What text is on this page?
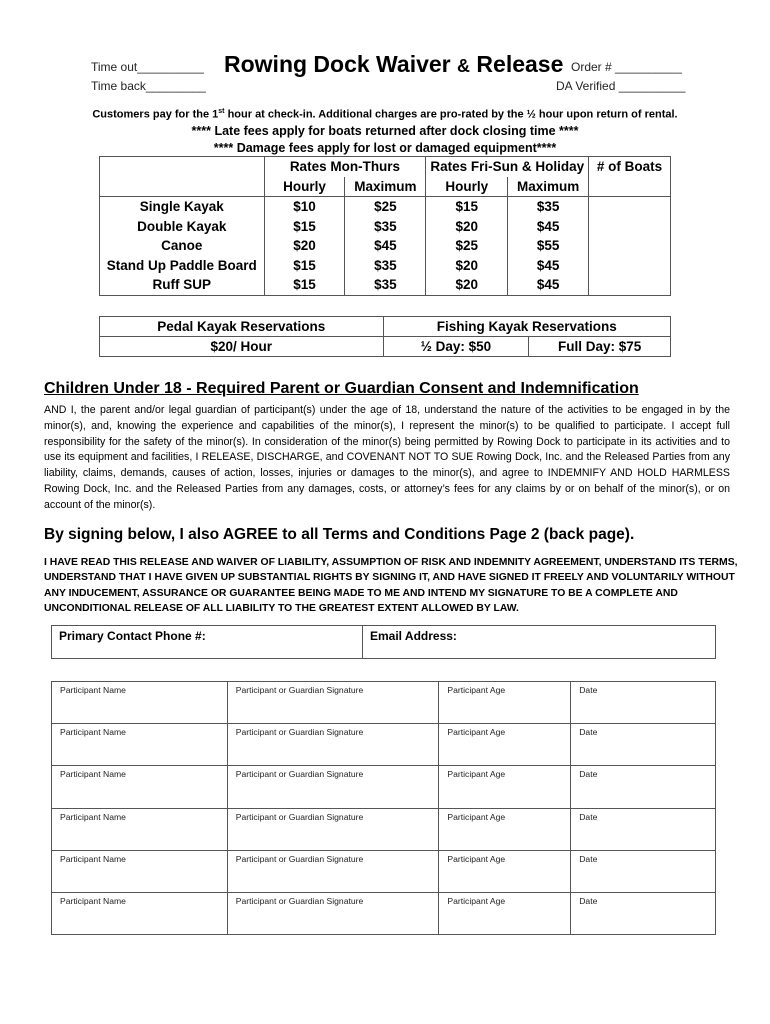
Time out__________
Time back_________
Rowing Dock Waiver & Release Order # __________
DA Verified __________
Customers pay for the 1st hour at check-in. Additional charges are pro-rated by the ½ hour upon return of rental.
**** Late fees apply for boats returned after dock closing time ****
**** Damage fees apply for lost or damaged equipment****
	Rates Mon-Thurs		Rates Fri-Sun & Holiday		# of Boats
	Hourly	Maximum	Hourly	Maximum	
Single Kayak	$10	$25	$15	$35	
Double Kayak	$15	$35	$20	$45	
Canoe	$20	$45	$25	$55	
Stand Up Paddle Board	$15	$35	$20	$45	
Ruff SUP	$15	$35	$20	$45	
Pedal Kayak Reservations	Fishing Kayak Reservations	
$20/ Hour	½ Day: $50	Full Day: $75
Children Under 18 - Required Parent or Guardian Consent and Indemnification
AND I, the parent and/or legal guardian of participant(s) under the age of 18, understand the nature of the activities to be engaged in by the minor(s), and, knowing the experience and capabilities of the minor(s), I represent the minor(s) to be qualified to participate. I accept full responsibility for the safety of the minor(s). In consideration of the minor(s) being permitted by Rowing Dock to participate in its activities and to use its equipment and facilities, I RELEASE, DISCHARGE, and COVENANT NOT TO SUE Rowing Dock, Inc. and the Released Parties from any liability, claims, demands, causes of action, losses, injuries or damages to the minor(s), and agree to INDEMNIFY AND HOLD HARMLESS Rowing Dock, Inc. and the Released Parties from any damages, costs, or attorney’s fees for any claims by or on behalf of the minor(s), or on account of the minor(s).
By signing below, I also AGREE to all Terms and Conditions Page 2 (back page).
I HAVE READ THIS RELEASE AND WAIVER OF LIABILITY, ASSUMPTION OF RISK AND INDEMNITY AGREEMENT, UNDERSTAND ITS TERMS, UNDERSTAND THAT I HAVE GIVEN UP SUBSTANTIAL RIGHTS BY SIGNING IT, AND HAVE SIGNED IT FREELY AND VOLUNTARILY WITHOUT ANY INDUCEMENT, ASSURANCE OR GUARANTEE BEING MADE TO ME AND INTEND MY SIGNATURE TO BE A COMPLETE AND UNCONDITIONAL RELEASE OF ALL LIABILITY TO THE GREATEST EXTENT ALLOWED BY LAW.
Primary Contact Phone #:	Email Address:
Participant Name	Participant or Guardian Signature	Participant Age	Date
Participant Name	Participant or Guardian Signature	Participant Age	Date
Participant Name	Participant or Guardian Signature	Participant Age	Date
Participant Name	Participant or Guardian Signature	Participant Age	Date
Participant Name	Participant or Guardian Signature	Participant Age	Date
Participant Name	Participant or Guardian Signature	Participant Age	Date
